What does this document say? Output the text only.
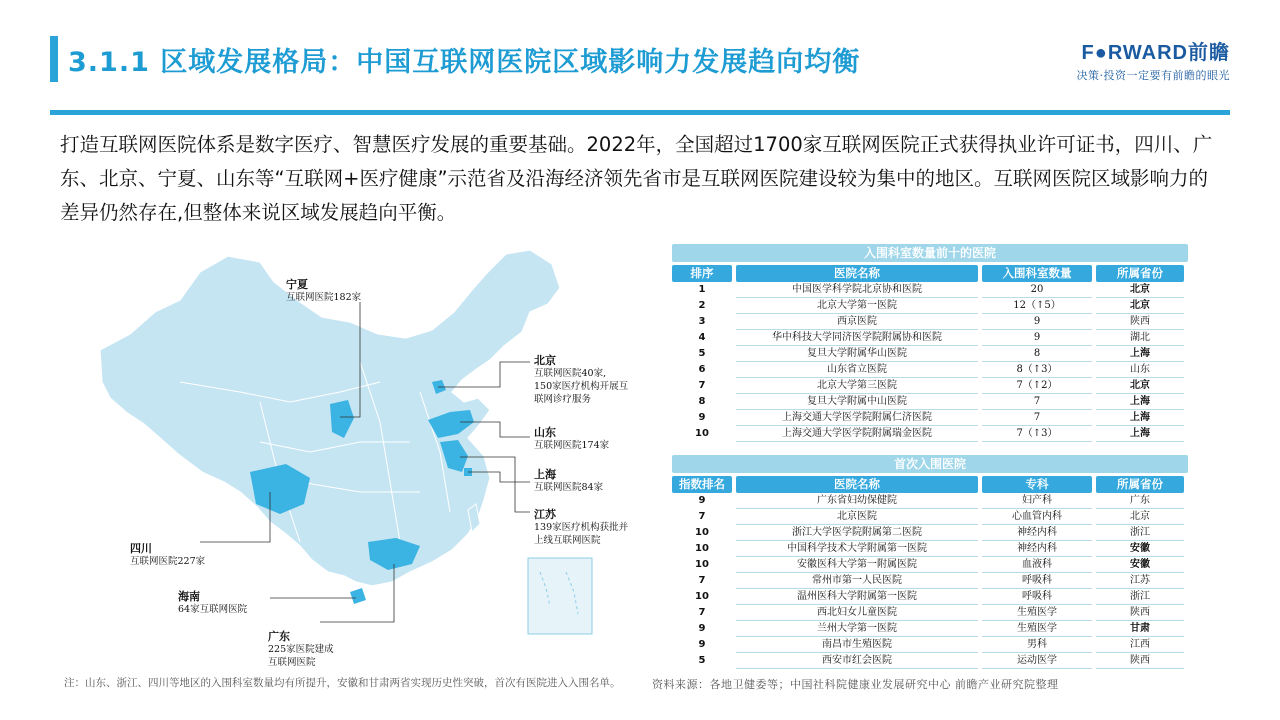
3.1.1 区域发展格局：中国互联网医院区域影响力发展趋向均衡	F●RWARD前瞻
决策·投资一定要有前瞻的眼光
打造互联网医院体系是数字医疗、智慧医疗发展的重要基础。2022年，全国超过1700家互联网医院正式获得执业许可证书，四川、广东、北京、宁夏、山东等“互联网+医疗健康”示范省及沿海经济领先省市是互联网医院建设较为集中的地区。互联网医院区域影响力的差异仍然存在,但整体来说区域发展趋向平衡。
宁夏
互联网医院182家
北京
互联网医院40家,
150家医疗机构开展互
联网诊疗服务
山东
互联网医院174家
上海
互联网医院84家
江苏
139家医疗机构获批并
上线互联网医院
四川
互联网医院227家
海南
64家互联网医院
广东
225家医院建成
互联网医院
入围科室数量前十的医院
排序	医院名称	入围科室数量	所属省份
1	中国医学科学院北京协和医院	20	北京
2	北京大学第一医院	12（↑5）	北京
3	西京医院	9	陕西
4	华中科技大学同济医学院附属协和医院	9	湖北
5	复旦大学附属华山医院	8	上海
6	山东省立医院	8（↑3）	山东
7	北京大学第三医院	7（↑2）	北京
8	复旦大学附属中山医院	7	上海
9	上海交通大学医学院附属仁济医院	7	上海
10	上海交通大学医学院附属瑞金医院	7（↑3）	上海
首次入围医院
指数排名	医院名称	专科	所属省份
9	广东省妇幼保健院	妇产科	广东
7	北京医院	心血管内科	北京
10	浙江大学医学院附属第二医院	神经内科	浙江
10	中国科学技术大学附属第一医院	神经内科	安徽
10	安徽医科大学第一附属医院	血液科	安徽
7	常州市第一人民医院	呼吸科	江苏
10	温州医科大学附属第一医院	呼吸科	浙江
7	西北妇女儿童医院	生殖医学	陕西
9	兰州大学第一医院	生殖医学	甘肃
9	南昌市生殖医院	男科	江西
5	西安市红会医院	运动医学	陕西
注：山东、浙江、四川等地区的入围科室数量均有所提升，安徽和甘肃两省实现历史性突破，首次有医院进入入围名单。	资料来源：各地卫健委等；中国社科院健康业发展研究中心 前瞻产业研究院整理
